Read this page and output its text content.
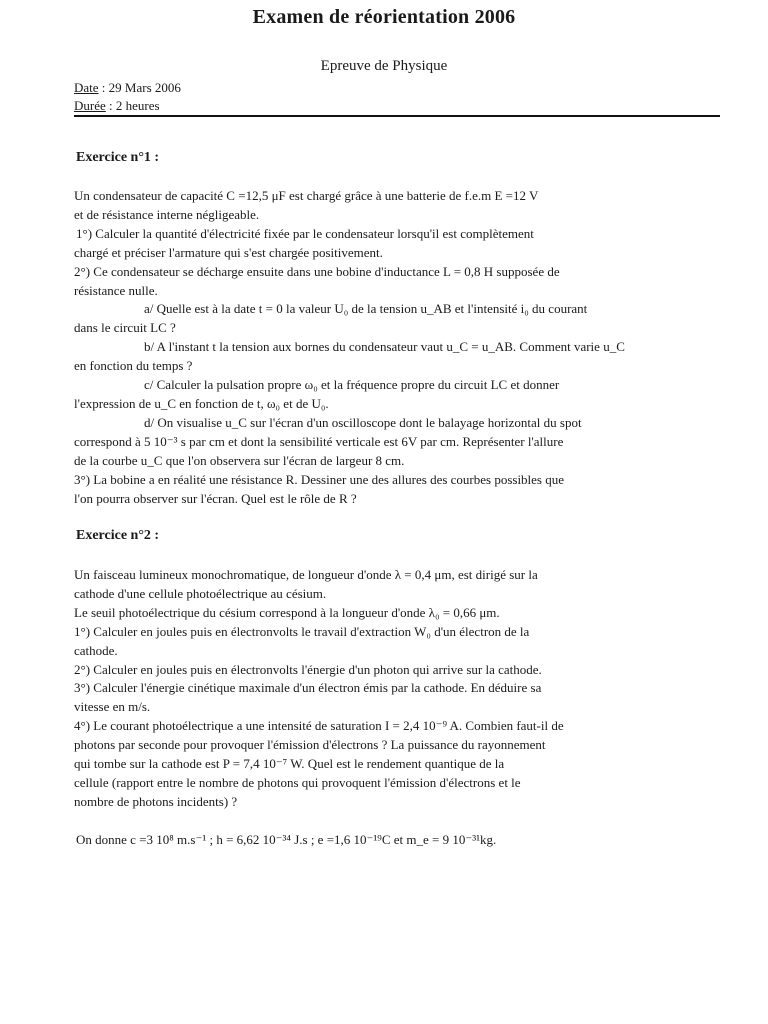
Examen de réorientation 2006
Epreuve de Physique
Date : 29 Mars 2006
Durée : 2 heures
Exercice n°1 :

Un condensateur de capacité C =12,5 μF est chargé grâce à une batterie de f.e.m E =12 V

et de résistance interne négligeable.

1°) Calculer la quantité d'électricité fixée par le condensateur lorsqu'il est complètement

chargé et préciser l'armature qui s'est chargée positivement.

2°) Ce condensateur se décharge ensuite dans une bobine d'inductance L = 0,8 H supposée de

résistance nulle.

a/ Quelle est à la date t = 0 la valeur U₀ de la tension u_AB et l'intensité i₀ du courant

dans le circuit LC ?

b/ A l'instant t la tension aux bornes du condensateur vaut u_C = u_AB. Comment varie u_C

en fonction du temps ?

c/ Calculer la pulsation propre ω₀ et la fréquence propre du circuit LC et donner

l'expression de u_C en fonction de t, ω₀ et de U₀.

d/ On visualise u_C sur l'écran d'un oscilloscope dont le balayage horizontal du spot

correspond à 5 10⁻³ s par cm et dont la sensibilité verticale est 6V par cm. Représenter l'allure

de la courbe u_C que l'on observera sur l'écran de largeur 8 cm.

3°) La bobine a en réalité une résistance R. Dessiner une des allures des courbes possibles que

l'on pourra observer sur l'écran. Quel est le rôle de R ?

Exercice n°2 :

Un faisceau lumineux monochromatique, de longueur d'onde λ = 0,4 μm, est dirigé sur la

cathode d'une cellule photoélectrique au césium.

Le seuil photoélectrique du césium correspond à la longueur d'onde λ₀ = 0,66 μm.

1°) Calculer en joules puis en électronvolts le travail d'extraction W₀ d'un électron de la

cathode.

2°) Calculer en joules puis en électronvolts l'énergie d'un photon qui arrive sur la cathode.

3°) Calculer l'énergie cinétique maximale d'un électron émis par la cathode. En déduire sa

vitesse en m/s.

4°) Le courant photoélectrique a une intensité de saturation I = 2,4 10⁻⁹ A. Combien faut-il de

photons par seconde pour provoquer l'émission d'électrons ? La puissance du rayonnement

qui tombe sur la cathode est P = 7,4 10⁻⁷ W. Quel est le rendement quantique de la

cellule (rapport entre le nombre de photons qui provoquent l'émission d'électrons et le

nombre de photons incidents) ?

On donne c =3 10⁸ m.s⁻¹ ; h = 6,62 10⁻³⁴ J.s ; e =1,6 10⁻¹⁹C et m_e = 9 10⁻³¹kg.
